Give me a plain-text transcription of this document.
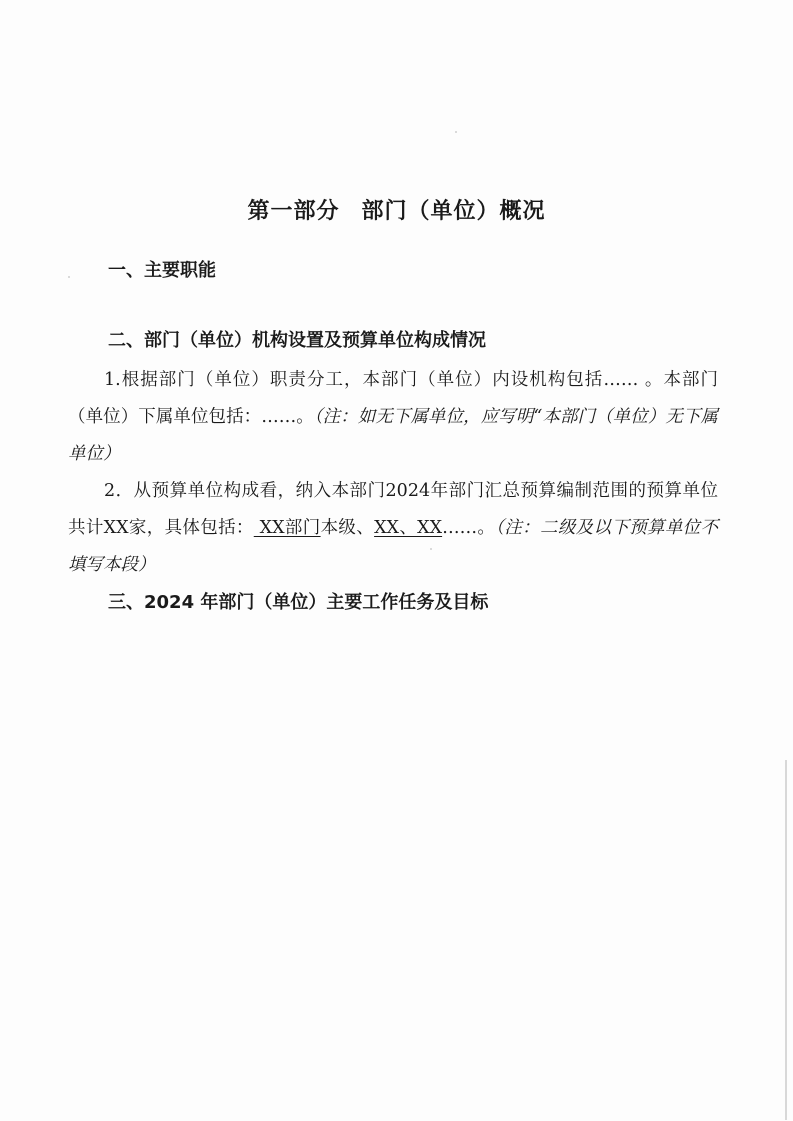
第一部分 部门（单位）概况
一、主要职能
二、部门（单位）机构设置及预算单位构成情况
1.根据部门（单位）职责分工，本部门（单位）内设机构包括…… 。本部门（单位）下属单位包括：……。（注：如无下属单位，应写明“本部门（单位）无下属单位）
2．从预算单位构成看，纳入本部门2024年部门汇总预算编制范围的预算单位共计XX家，具体包括： XX部门本级、XX、XX……。（注：二级及以下预算单位不填写本段）
三、2024 年部门（单位）主要工作任务及目标
